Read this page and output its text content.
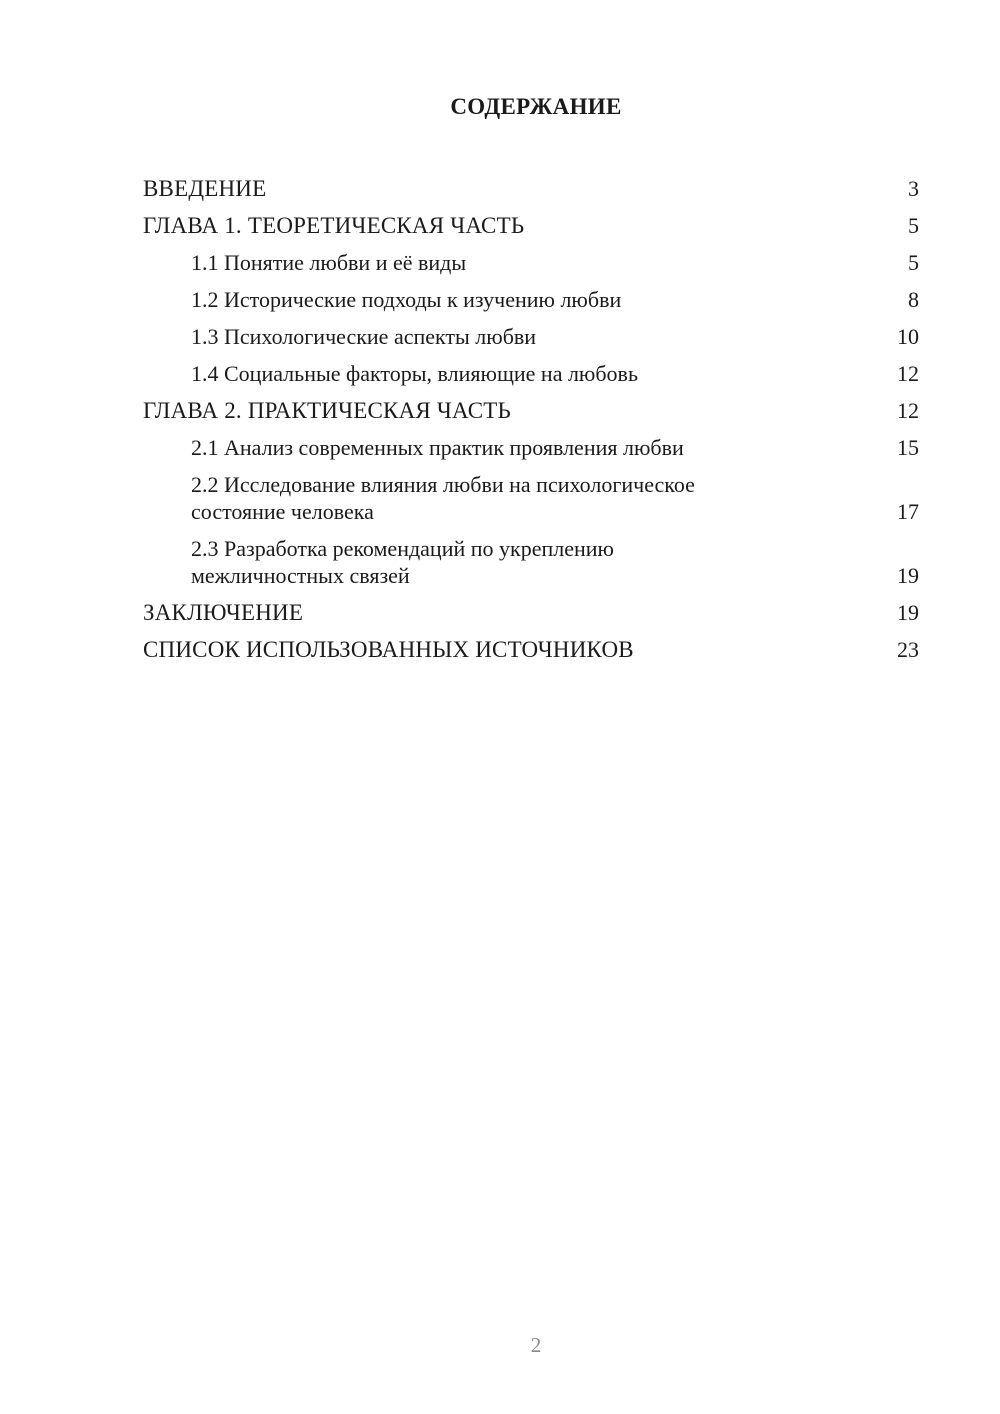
СОДЕРЖАНИЕ
ВВЕДЕНИЕ	3
ГЛАВА 1. ТЕОРЕТИЧЕСКАЯ ЧАСТЬ	5
1.1 Понятие любви и её виды	5
1.2 Исторические подходы к изучению любви	8
1.3 Психологические аспекты любви	10
1.4 Социальные факторы, влияющие на любовь	12
ГЛАВА 2. ПРАКТИЧЕСКАЯ ЧАСТЬ	12
2.1 Анализ современных практик проявления любви	15
2.2 Исследование влияния любви на психологическое состояние человека	17
2.3 Разработка рекомендаций по укреплению межличностных связей	19
ЗАКЛЮЧЕНИЕ	19
СПИСОК ИСПОЛЬЗОВАННЫХ ИСТОЧНИКОВ	23
2
